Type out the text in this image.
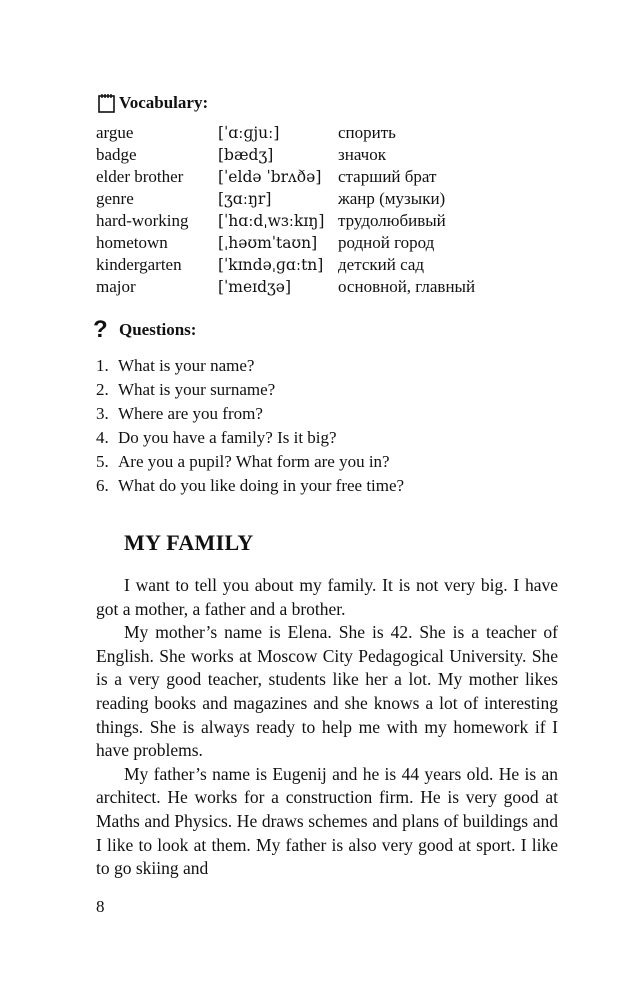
Vocabulary:
argue	[ˈɑːɡjuː]	спорить
badge	[bædʒ]	значок
elder brother	[ˈeldə ˈbrʌðə] старший брат
genre	[ʒɑːŋr]	жанр (музыки)
hard-working	[ˈhɑːdˌwɜːkɪŋ] трудолюбивый
hometown	[ˌhəʊmˈtaʊn]	родной город
kindergarten	[ˈkɪndəˌɡɑːtn] детский сад
major	[ˈmeɪdʒə]	основной, главный
? Questions:
1. What is your name?
2. What is your surname?
3. Where are you from?
4. Do you have a family? Is it big?
5. Are you a pupil? What form are you in?
6. What do you like doing in your free time?
MY FAMILY

I want to tell you about my family. It is not very big. I have got a mother, a father and a brother.

My mother’s name is Elena. She is 42. She is a teacher of English. She works at Moscow City Pedagogical University. She is a very good teacher, students like her a lot. My mother likes reading books and magazines and she knows a lot of interesting things. She is always ready to help me with my homework if I have problems.

My father’s name is Eugenij and he is 44 years old. He is an architect. He works for a construction firm. He is very good at Maths and Physics. He draws schemes and plans of buildings and I like to look at them. My father is also very good at sport. I like to go skiing and

8
